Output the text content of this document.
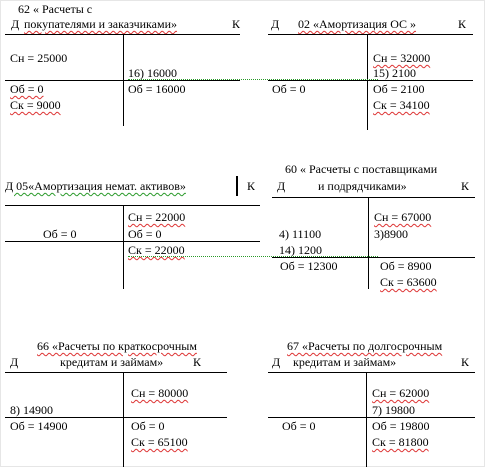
62 « Расчеты с
Д покупателями и заказчиками»	К
Сн = 25000
16) 16000
Об = 0	Об = 16000
Ск = 9000
Д 02 «Амортизация ОС »	К
Сн = 32000
15) 2100
Об = 0	Об = 2100
Ск = 34100
Д 05«Амортизация немат. активов»	К
Сн = 22000
Об = 0	Об = 0
Ск = 22000
60 « Расчеты с поставщиками
Д	и подрядчиками»	К
Сн = 67000
4) 11100	3)8900
14) 1200
Об = 12300	Об = 8900
Ск = 63600
66 «Расчеты по краткосрочным
Д	кредитам и займам» К
Сн = 80000
8) 14900
Об = 14900	Об = 0
Ск = 65100
67 «Расчеты по долгосрочным
Д кредитам и займам»	К
Сн = 62000
7) 19800
Об = 0	Об = 19800
Ск = 81800
